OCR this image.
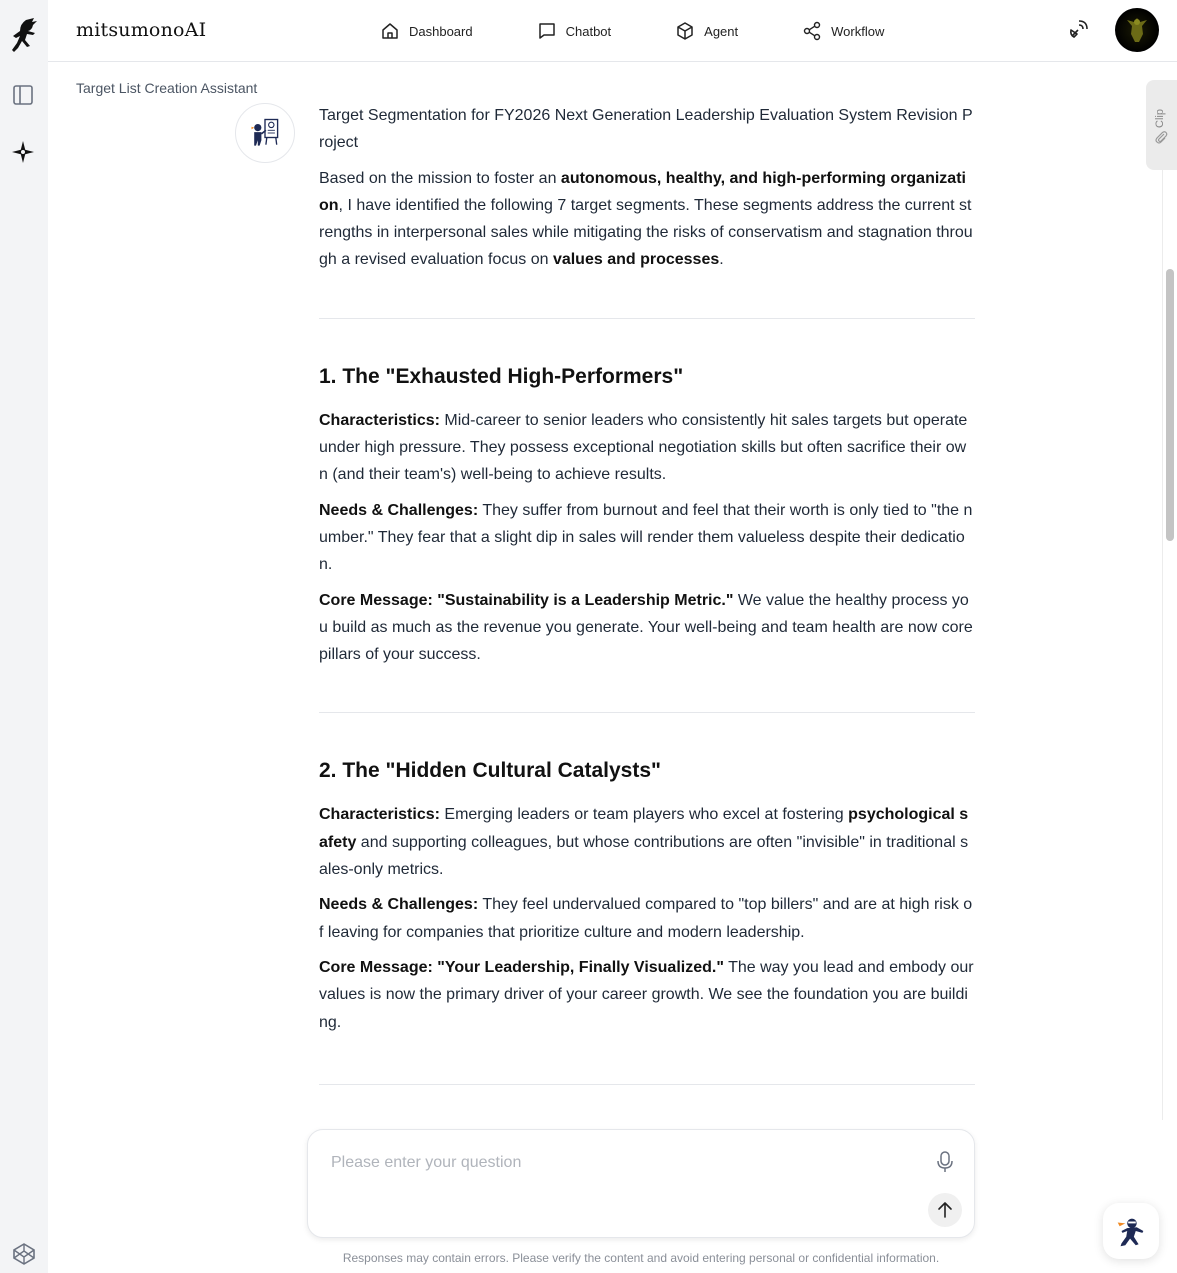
mitsumonoAI	Dashboard	Chatbot	Agent	Workflow
Target List Creation Assistant
Clip

Target Segmentation for FY2026 Next Generation Leadership Evaluation System Revision Project

Based on the mission to foster an autonomous, healthy, and high-performing organization, I have identified the following 7 target segments. These segments address the current strengths in interpersonal sales while mitigating the risks of conservatism and stagnation through a revised evaluation focus on values and processes.

1. The "Exhausted High-Performers"

Characteristics: Mid-career to senior leaders who consistently hit sales targets but operate under high pressure. They possess exceptional negotiation skills but often sacrifice their own (and their team's) well-being to achieve results.

Needs & Challenges: They suffer from burnout and feel that their worth is only tied to "the number." They fear that a slight dip in sales will render them valueless despite their dedication.

Core Message: "Sustainability is a Leadership Metric." We value the healthy process you build as much as the revenue you generate. Your well-being and team health are now core pillars of your success.

2. The "Hidden Cultural Catalysts"

Characteristics: Emerging leaders or team players who excel at fostering psychological safety and supporting colleagues, but whose contributions are often "invisible" in traditional sales-only metrics.

Needs & Challenges: They feel undervalued compared to "top billers" and are at high risk of leaving for companies that prioritize culture and modern leadership.

Core Message: "Your Leadership, Finally Visualized." The way you lead and embody our values is now the primary driver of your career growth. We see the foundation you are building.

Please enter your question
Responses may contain errors. Please verify the content and avoid entering personal or confidential information.
